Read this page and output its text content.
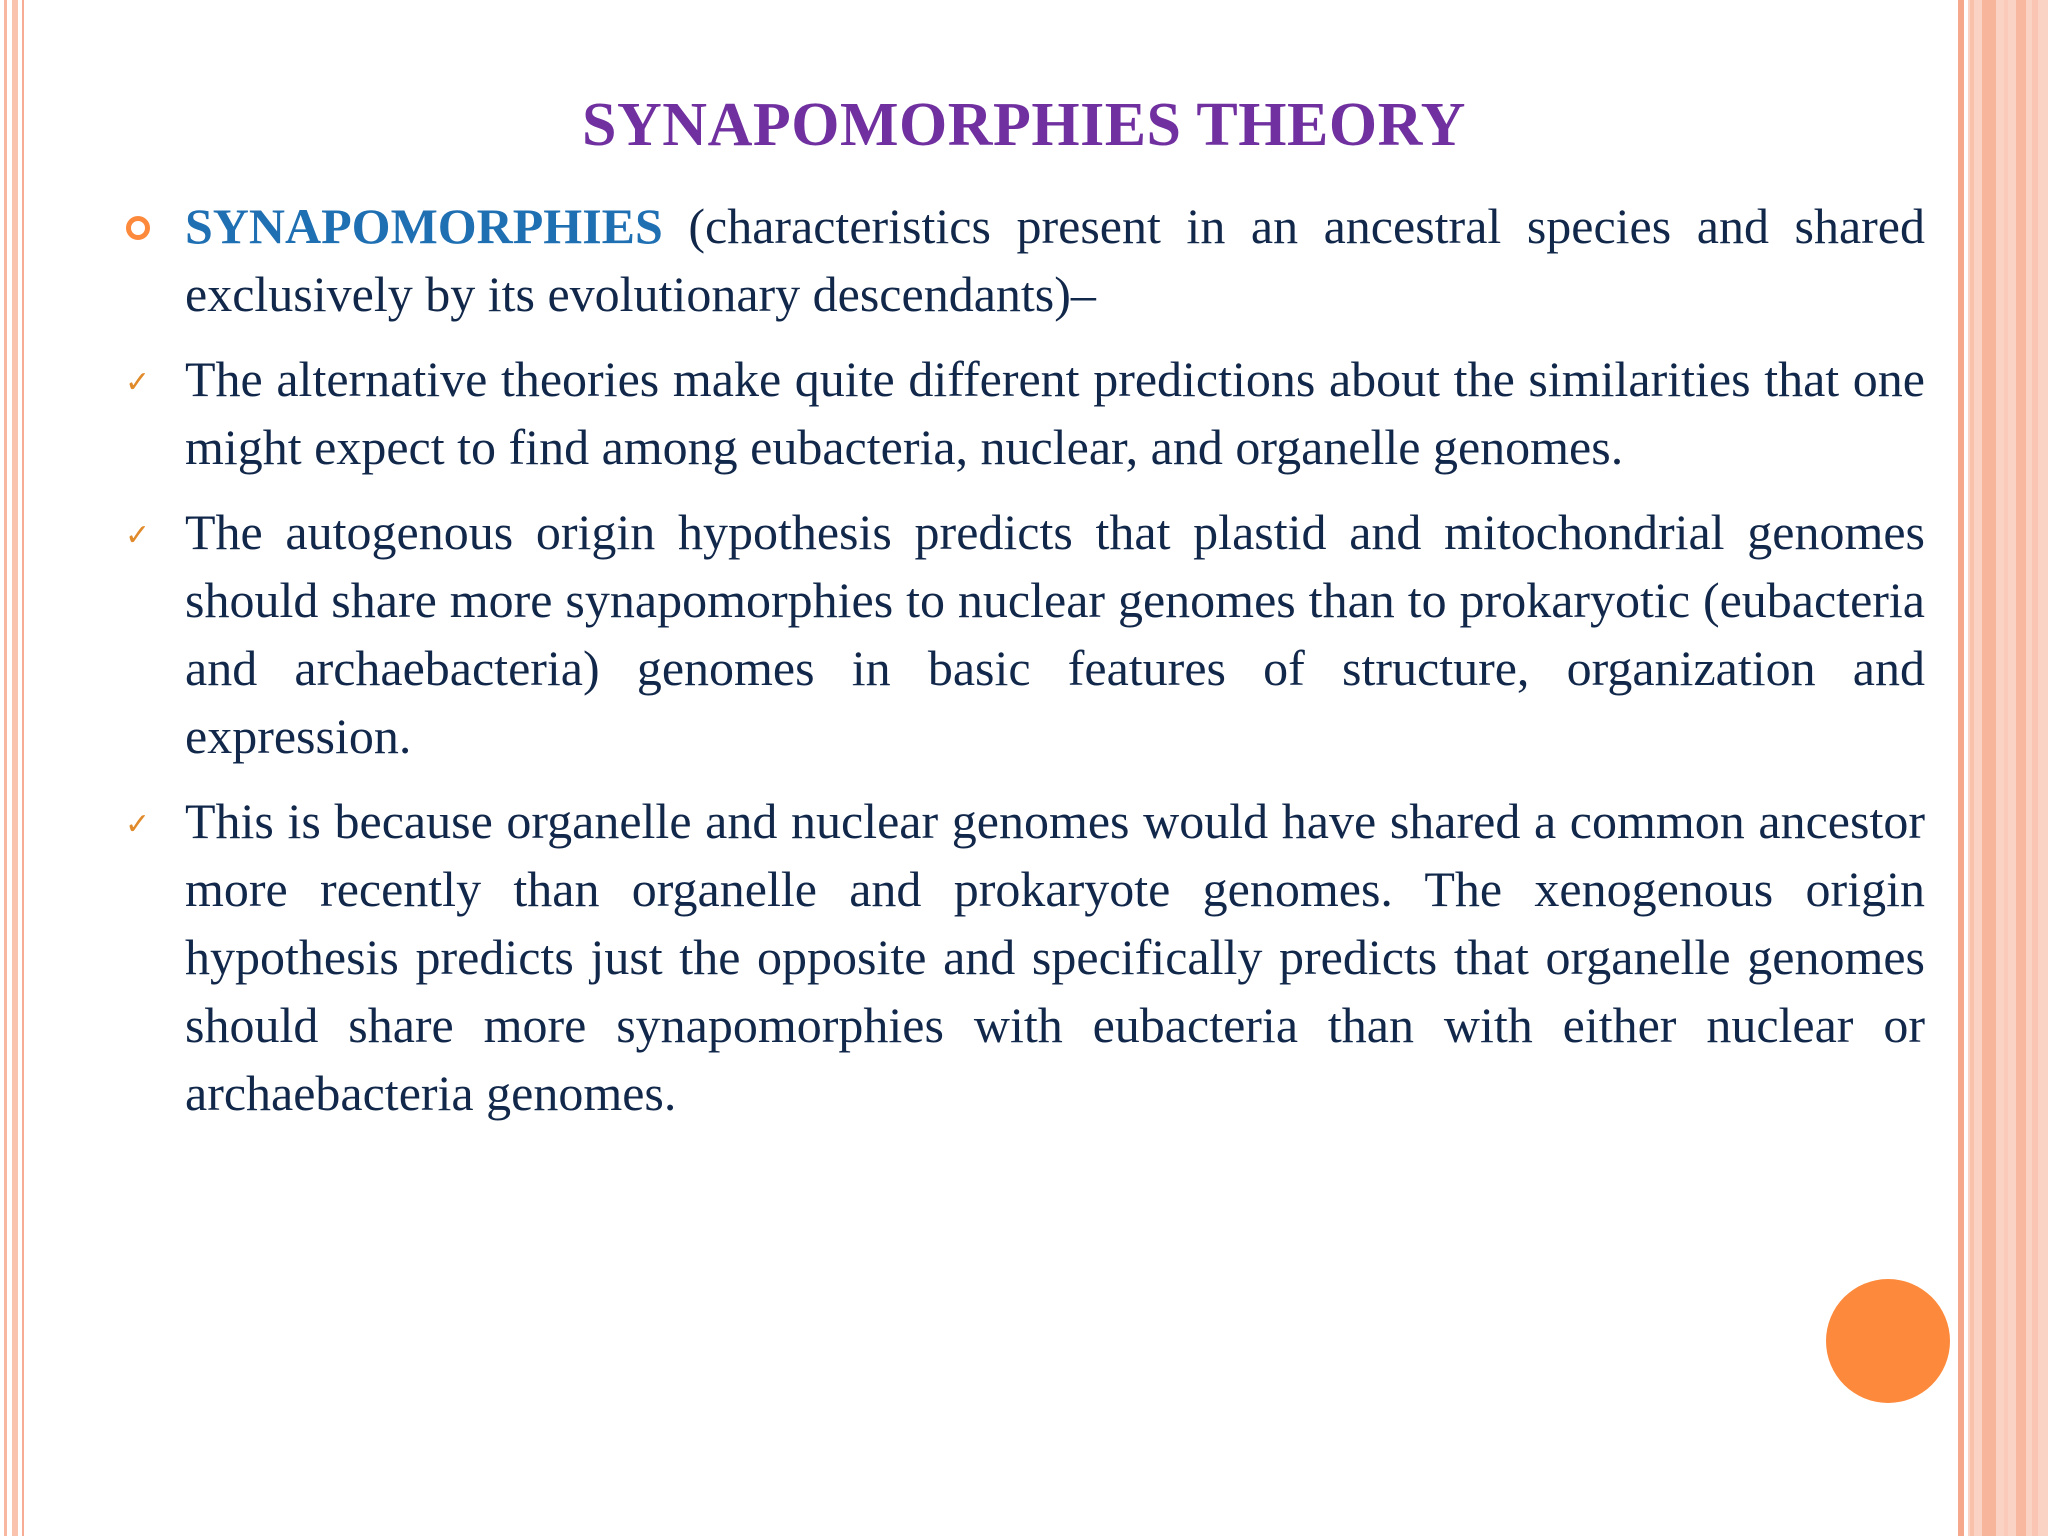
SYNAPOMORPHIES THEORY

SYNAPOMORPHIES (characteristics present in an ancestral species and shared exclusively by its evolutionary descendants)–

✓ The alternative theories make quite different predictions about the similarities that one might expect to find among eubacteria, nuclear, and organelle genomes.

✓ The autogenous origin hypothesis predicts that plastid and mitochondrial genomes should share more synapomorphies to nuclear genomes than to prokaryotic (eubacteria and archaebacteria) genomes in basic features of structure, organization and expression.

✓ This is because organelle and nuclear genomes would have shared a common ancestor more recently than organelle and prokaryote genomes. The xenogenous origin hypothesis predicts just the opposite and specifically predicts that organelle genomes should share more synapomorphies with eubacteria than with either nuclear or archaebacteria genomes.
